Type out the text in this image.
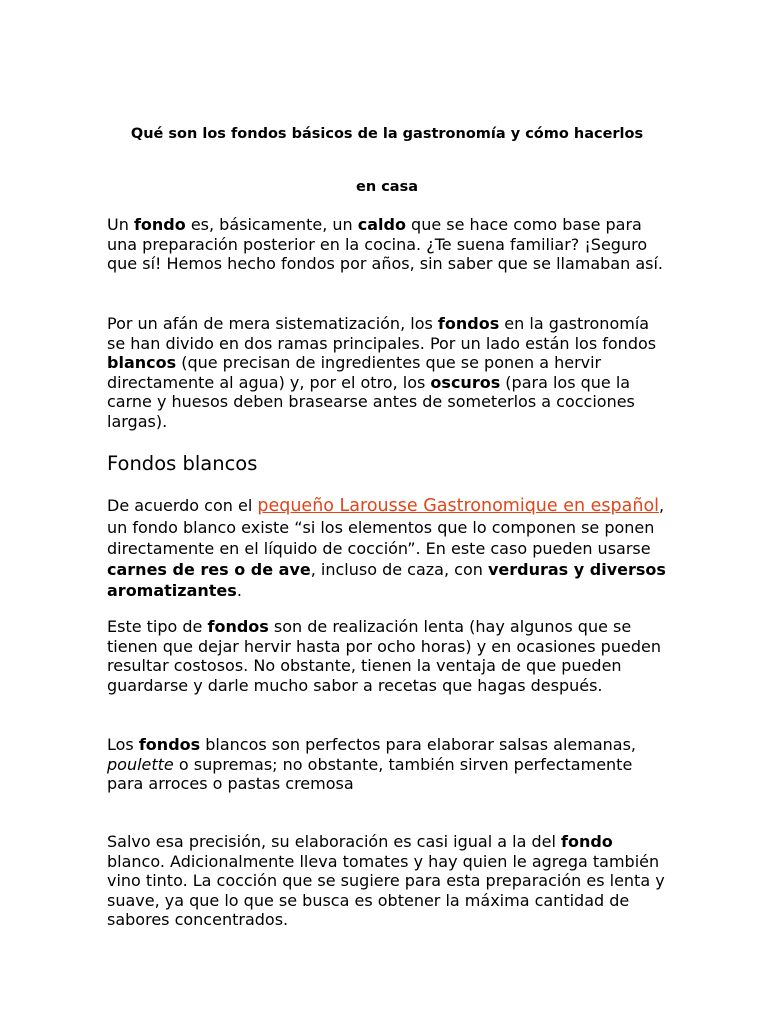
Qué son los fondos básicos de la gastronomía y cómo hacerlos

en casa

Un fondo es, básicamente, un caldo que se hace como base para una preparación posterior en la cocina. ¿Te suena familiar? ¡Seguro que sí! Hemos hecho fondos por años, sin saber que se llamaban así.

Por un afán de mera sistematización, los fondos en la gastronomía se han divido en dos ramas principales. Por un lado están los fondos blancos (que precisan de ingredientes que se ponen a hervir directamente al agua) y, por el otro, los oscuros (para los que la carne y huesos deben brasearse antes de someterlos a cocciones largas).

Fondos blancos

De acuerdo con el pequeño Larousse Gastronomique en español, un fondo blanco existe “si los elementos que lo componen se ponen directamente en el líquido de cocción”. En este caso pueden usarse carnes de res o de ave, incluso de caza, con verduras y diversos aromatizantes.

Este tipo de fondos son de realización lenta (hay algunos que se tienen que dejar hervir hasta por ocho horas) y en ocasiones pueden resultar costosos. No obstante, tienen la ventaja de que pueden guardarse y darle mucho sabor a recetas que hagas después.

Los fondos blancos son perfectos para elaborar salsas alemanas, poulette o supremas; no obstante, también sirven perfectamente para arroces o pastas cremosa

Salvo esa precisión, su elaboración es casi igual a la del fondo blanco. Adicionalmente lleva tomates y hay quien le agrega también vino tinto. La cocción que se sugiere para esta preparación es lenta y suave, ya que lo que se busca es obtener la máxima cantidad de sabores concentrados.
